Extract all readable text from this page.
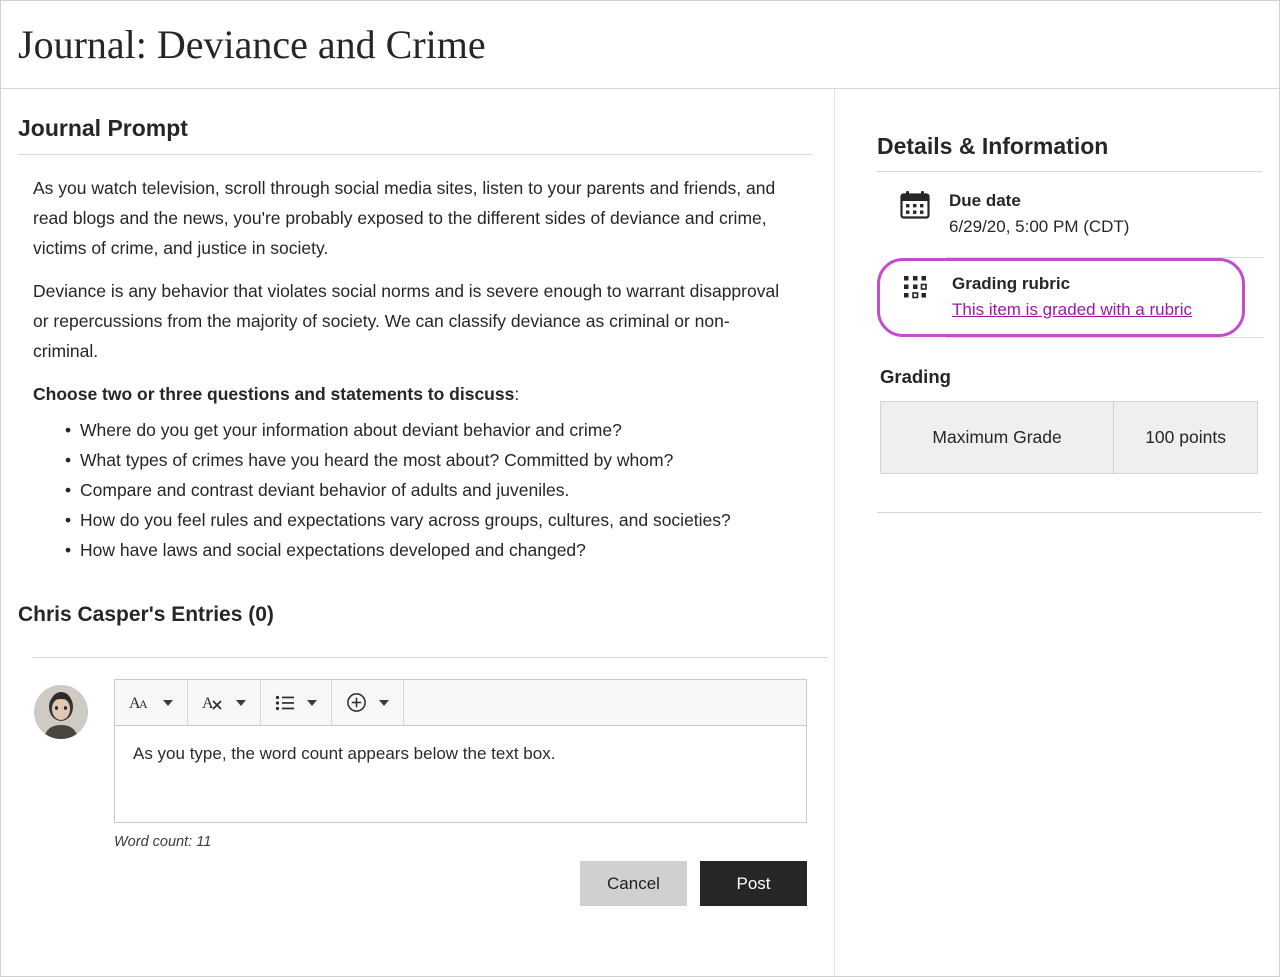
Journal: Deviance and Crime
Journal Prompt

As you watch television, scroll through social media sites, listen to your parents and friends, and read blogs and the news, you're probably exposed to the different sides of deviance and crime, victims of crime, and justice in society.

Deviance is any behavior that violates social norms and is severe enough to warrant disapproval or repercussions from the majority of society. We can classify deviance as criminal or non-criminal.

Choose two or three questions and statements to discuss:

• Where do you get your information about deviant behavior and crime?
• What types of crimes have you heard the most about? Committed by whom?
• Compare and contrast deviant behavior of adults and juveniles.
• How do you feel rules and expectations vary across groups, cultures, and societies?
• How have laws and social expectations developed and changed?
Chris Casper's Entries (0)
A
A	A
As you type, the word count appears below the text box.
Word count: 11
Cancel	Post
Details & Information
Due date
6/29/20, 5:00 PM (CDT)
Grading rubric
This item is graded with a rubric
Grading
Maximum Grade	100 points
